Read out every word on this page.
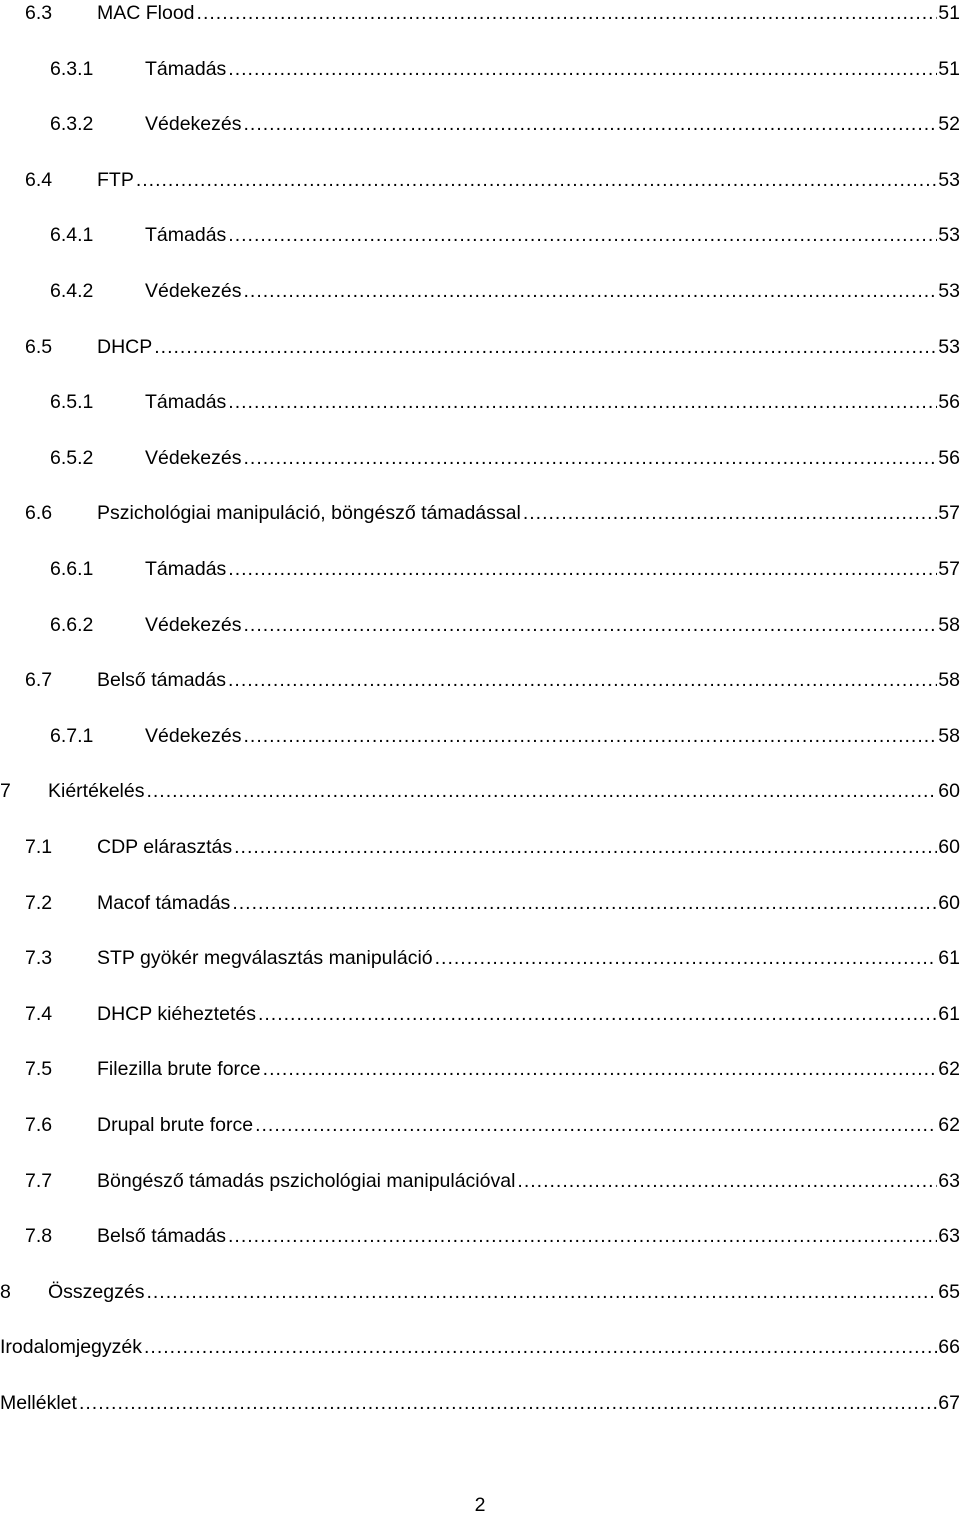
6.3 MAC Flood .....	51
6.3.1	Támadás .....	51
6.3.2	Védekezés .....	52
6.4 FTP .....	53
6.4.1	Támadás .....	53
6.4.2	Védekezés .....	53
6.5 DHCP .....	53
6.5.1	Támadás .....	56
6.5.2	Védekezés .....	56
6.6 Pszichológiai manipuláció, böngésző támadással .....	57
6.6.1	Támadás .....	57
6.6.2	Védekezés .....	58
6.7 Belső támadás .....	58
6.7.1	Védekezés .....	58
7 Kiértékelés .....	60
7.1 CDP elárasztás .....	60
7.2 Macof támadás .....	60
7.3 STP gyökér megválasztás manipuláció .....	61
7.4 DHCP kiéheztetés .....	61
7.5 Filezilla brute force .....	62
7.6 Drupal brute force .....	62
7.7 Böngésző támadás pszichológiai manipulációval .....	63
7.8 Belső támadás .....	63
8 Összegzés .....	65
Irodalomjegyzék .....	66
Melléklet .....	67
2
